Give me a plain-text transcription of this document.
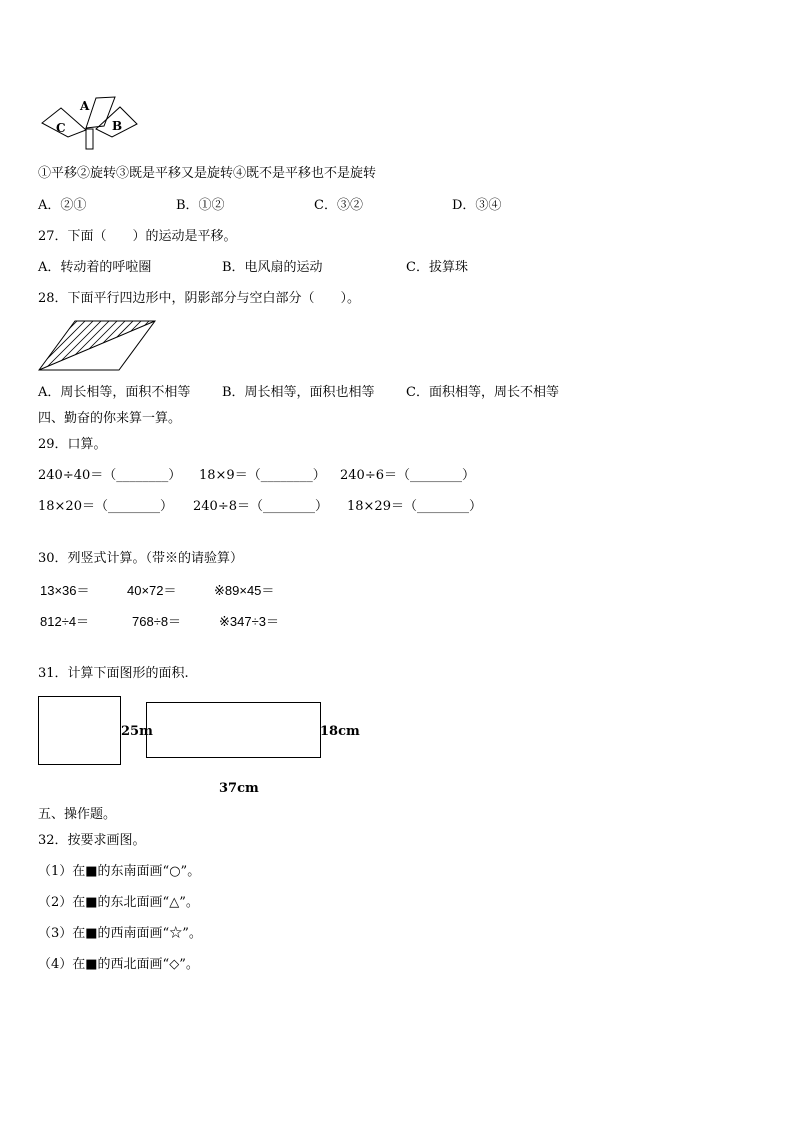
A
B
C
①平移②旋转③既是平移又是旋转④既不是平移也不是旋转
A．②①	B．①②	C．③②	D．③④
27．下面（　　）的运动是平移。
A．转动着的呼啦圈	B．电风扇的运动	C．拔算珠
28．下面平行四边形中，阴影部分与空白部分（　　）。
A．周长相等，面积不相等 B．周长相等，面积也相等 C．面积相等，周长不相等
四、勤奋的你来算一算。
29．口算。
240÷40＝（________） 18×9＝（________） 240÷6＝（________）
18×20＝（________） 240÷8＝（________） 18×29＝（________）
30．列竖式计算。（带※的请验算）
13×36＝	40×72＝	※89×45＝
812÷4＝	768÷8＝	※347÷3＝
31．计算下面图形的面积.
25m	18cm
37cm
五、操作题。
32．按要求画图。
（1）在■的东南面画“○”。
（2）在■的东北面画“△”。
（3）在■的西南面画“☆”。
（4）在■的西北面画“◇”。
